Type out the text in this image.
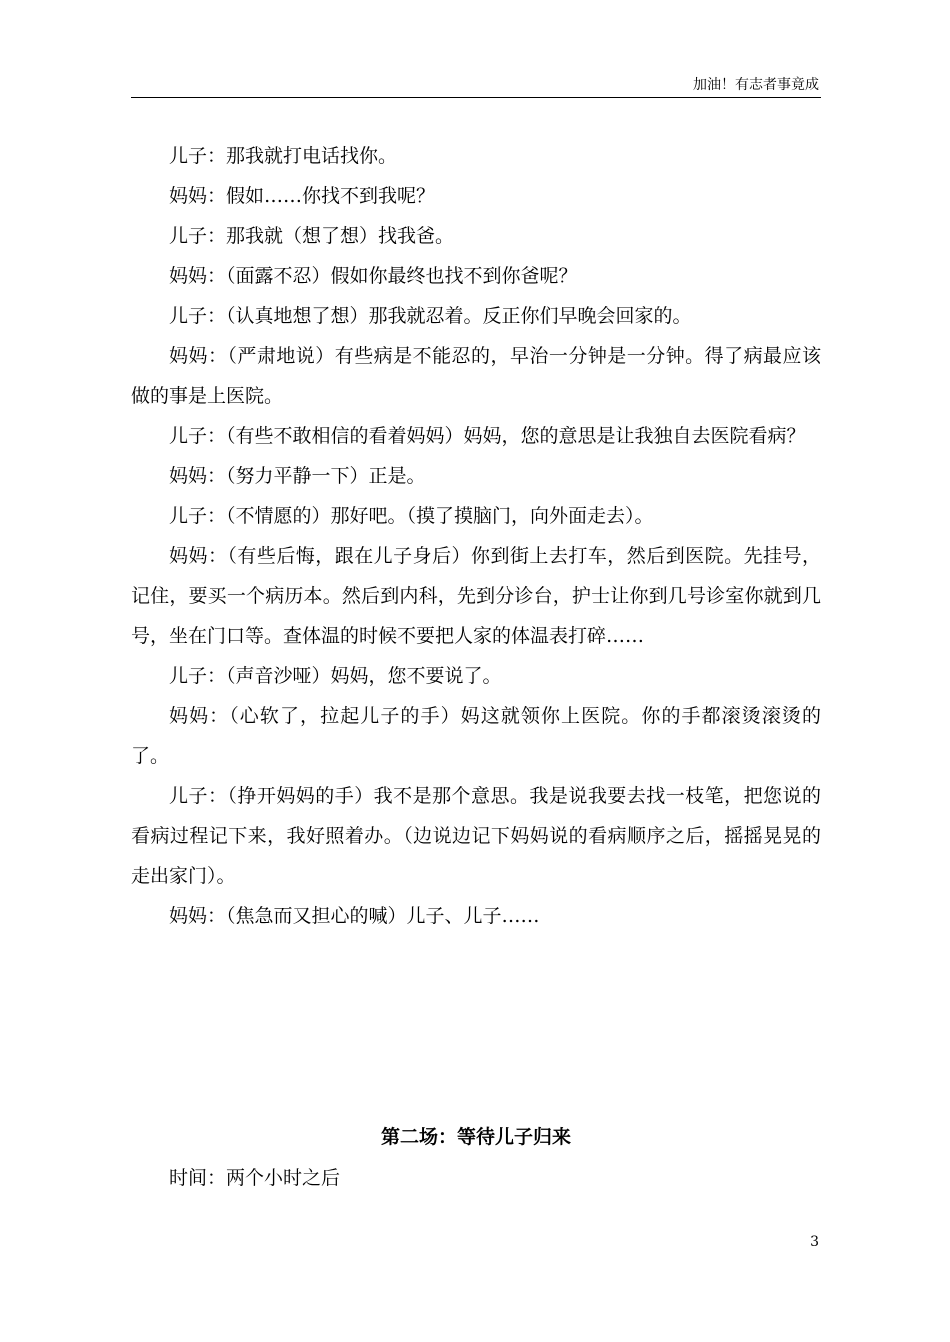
加油！有志者事竟成

儿子：那我就打电话找你。

妈妈：假如……你找不到我呢？

儿子：那我就（想了想）找我爸。

妈妈：（面露不忍）假如你最终也找不到你爸呢？

儿子：（认真地想了想）那我就忍着。反正你们早晚会回家的。

妈妈：（严肃地说）有些病是不能忍的，早治一分钟是一分钟。得了病最应该做的事是上医院。

儿子：（有些不敢相信的看着妈妈）妈妈，您的意思是让我独自去医院看病？

妈妈：（努力平静一下）正是。

儿子：（不情愿的）那好吧。（摸了摸脑门，向外面走去）。

妈妈：（有些后悔，跟在儿子身后）你到街上去打车，然后到医院。先挂号，记住，要买一个病历本。然后到内科，先到分诊台，护士让你到几号诊室你就到几号，坐在门口等。查体温的时候不要把人家的体温表打碎……

儿子：（声音沙哑）妈妈，您不要说了。

妈妈：（心软了，拉起儿子的手）妈这就领你上医院。你的手都滚烫滚烫的了。

儿子：（挣开妈妈的手）我不是那个意思。我是说我要去找一枝笔，把您说的看病过程记下来，我好照着办。（边说边记下妈妈说的看病顺序之后，摇摇晃晃的走出家门）。

妈妈：（焦急而又担心的喊）儿子、儿子……

第二场：等待儿子归来
时间：两个小时之后
3
